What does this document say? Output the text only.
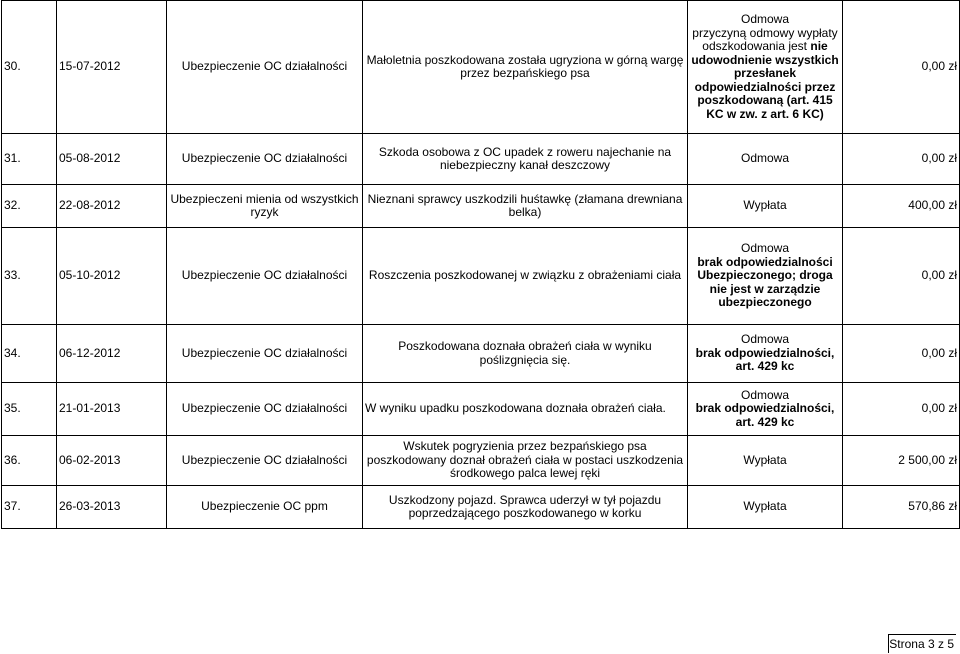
30.	15-07-2012	Ubezpieczenie OC działalności	Małoletnia poszkodowana została ugryziona w górną wargę przez bezpańskiego psa	Odmowa
przyczyną odmowy wypłaty odszkodowania jest nie udowodnienie wszystkich przesłanek odpowiedzialności przez poszkodowaną (art. 415 KC w zw. z art. 6 KC)	0,00 zł
31.	05-08-2012	Ubezpieczenie OC działalności	Szkoda osobowa z OC upadek z roweru najechanie na niebezpieczny kanał deszczowy	Odmowa	0,00 zł
32.	22-08-2012	Ubezpieczeni mienia od wszystkich ryzyk	Nieznani sprawcy uszkodzili huśtawkę (złamana drewniana belka)	Wypłata	400,00 zł
33.	05-10-2012	Ubezpieczenie OC działalności	Roszczenia poszkodowanej w związku z obrażeniami ciała	Odmowa
brak odpowiedzialności Ubezpieczonego; droga nie jest w zarządzie ubezpieczonego	0,00 zł
34.	06-12-2012	Ubezpieczenie OC działalności	Poszkodowana doznała obrażeń ciała w wyniku poślizgnięcia się.	Odmowa
brak odpowiedzialności, art. 429 kc	0,00 zł
35.	21-01-2013	Ubezpieczenie OC działalności	W wyniku upadku poszkodowana doznała obrażeń ciała.	Odmowa
brak odpowiedzialności, art. 429 kc	0,00 zł
36.	06-02-2013	Ubezpieczenie OC działalności	Wskutek pogryzienia przez bezpańskiego psa poszkodowany doznał obrażeń ciała w postaci uszkodzenia środkowego palca lewej ręki	Wypłata	2 500,00 zł
37.	26-03-2013	Ubezpieczenie OC ppm	Uszkodzony pojazd. Sprawca uderzył w tył pojazdu poprzedzającego poszkodowanego w korku	Wypłata	570,86 zł
Strona 3 z 5
